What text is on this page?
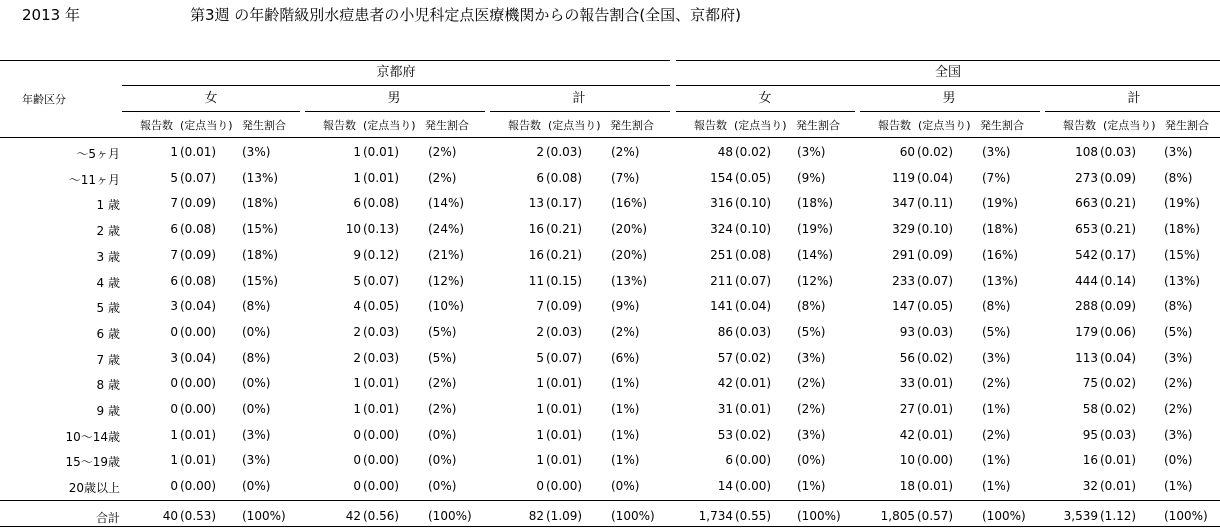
2013 年	第3週 の年齢階級別水痘患者の小児科定点医療機関からの報告割合(全国、京都府)
年齢区分
京都府	全国
女
報告数 (定点当り) 発生割合
男
報告数 (定点当り) 発生割合
計
報告数 (定点当り) 発生割合
女
報告数 (定点当り) 発生割合
男
報告数 (定点当り) 発生割合
計
報告数 (定点当り) 発生割合
～5ヶ月	1 (0.01) (3%)	1 (0.01) (2%)	2 (0.03) (2%)	48 (0.02) (3%)	60 (0.02) (3%)	108 (0.03) (3%)
～11ヶ月	5 (0.07) (13%)	1 (0.01) (2%)	6 (0.08) (7%)	154 (0.05) (9%)	119 (0.04) (7%)	273 (0.09) (8%)
1 歳	7 (0.09) (18%)	6 (0.08) (14%)	13 (0.17) (16%)	316 (0.10) (18%)	347 (0.11) (19%)	663 (0.21) (19%)
2 歳	6 (0.08) (15%)	10 (0.13) (24%)	16 (0.21) (20%)	324 (0.10) (19%)	329 (0.10) (18%)	653 (0.21) (18%)
3 歳	7 (0.09) (18%)	9 (0.12) (21%)	16 (0.21) (20%)	251 (0.08) (14%)	291 (0.09) (16%)	542 (0.17) (15%)
4 歳	6 (0.08) (15%)	5 (0.07) (12%)	11 (0.15) (13%)	211 (0.07) (12%)	233 (0.07) (13%)	444 (0.14) (13%)
5 歳	3 (0.04) (8%)	4 (0.05) (10%)	7 (0.09) (9%)	141 (0.04) (8%)	147 (0.05) (8%)	288 (0.09) (8%)
6 歳	0 (0.00) (0%)	2 (0.03) (5%)	2 (0.03) (2%)	86 (0.03) (5%)	93 (0.03) (5%)	179 (0.06) (5%)
7 歳	3 (0.04) (8%)	2 (0.03) (5%)	5 (0.07) (6%)	57 (0.02) (3%)	56 (0.02) (3%)	113 (0.04) (3%)
8 歳	0 (0.00) (0%)	1 (0.01) (2%)	1 (0.01) (1%)	42 (0.01) (2%)	33 (0.01) (2%)	75 (0.02) (2%)
9 歳	0 (0.00) (0%)	1 (0.01) (2%)	1 (0.01) (1%)	31 (0.01) (2%)	27 (0.01) (1%)	58 (0.02) (2%)
10～14歳	1 (0.01) (3%)	0 (0.00) (0%)	1 (0.01) (1%)	53 (0.02) (3%)	42 (0.01) (2%)	95 (0.03) (3%)
15～19歳	1 (0.01) (3%)	0 (0.00) (0%)	1 (0.01) (1%)	6 (0.00) (0%)	10 (0.00) (1%)	16 (0.01) (0%)
20歳以上	0 (0.00) (0%)	0 (0.00) (0%)	0 (0.00) (0%)	14 (0.00) (1%)	18 (0.01) (1%)	32 (0.01) (1%)
合計	40 (0.53) (100%)	42 (0.56) (100%)	82 (1.09) (100%)	1,734 (0.55) (100%)	1,805 (0.57) (100%)	3,539 (1.12) (100%)
